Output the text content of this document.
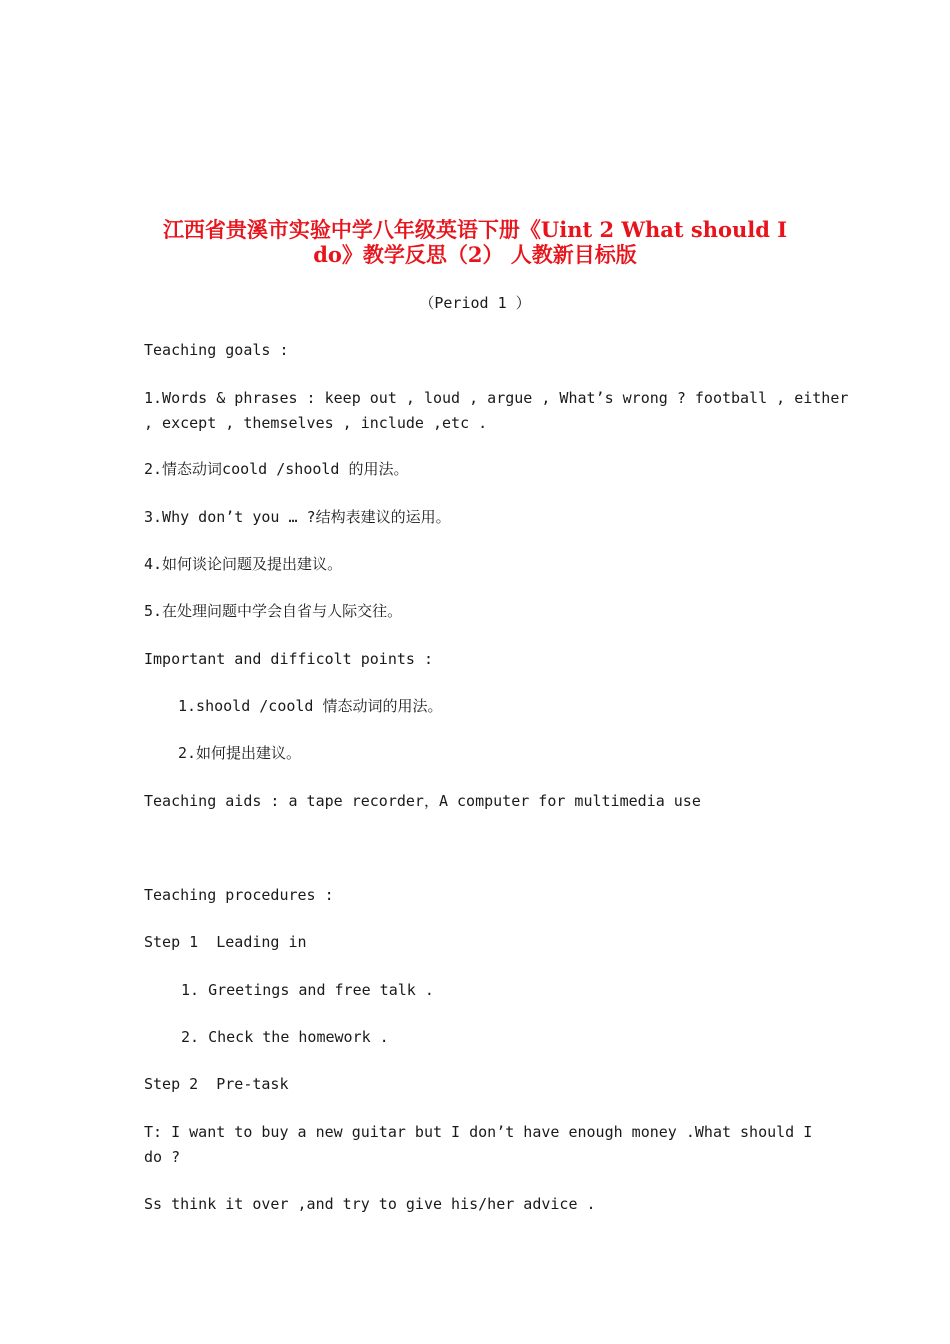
江西省贵溪市实验中学八年级英语下册《Uint 2 What should I
do》教学反思（2） 人教新目标版
（Period 1 ）
Teaching goals :
1.Words & phrases : keep out , loud , argue , What’s wrong ? football , either
, except , themselves , include ,etc .
2.情态动词coold /shoold 的用法。
3.Why don’t you … ?结构表建议的运用。
4.如何谈论问题及提出建议。
5.在处理问题中学会自省与人际交往。
Important and difficolt points :
1.shoold /coold 情态动词的用法。
2.如何提出建议。
Teaching aids : a tape recorder，A computer for multimedia use
Teaching procedures :
Step 1  Leading in
1. Greetings and free talk .
2. Check the homework .
Step 2  Pre-task
T: I want to buy a new guitar but I don’t have enough money .What should I
do ?
Ss think it over ,and try to give his/her advice .
